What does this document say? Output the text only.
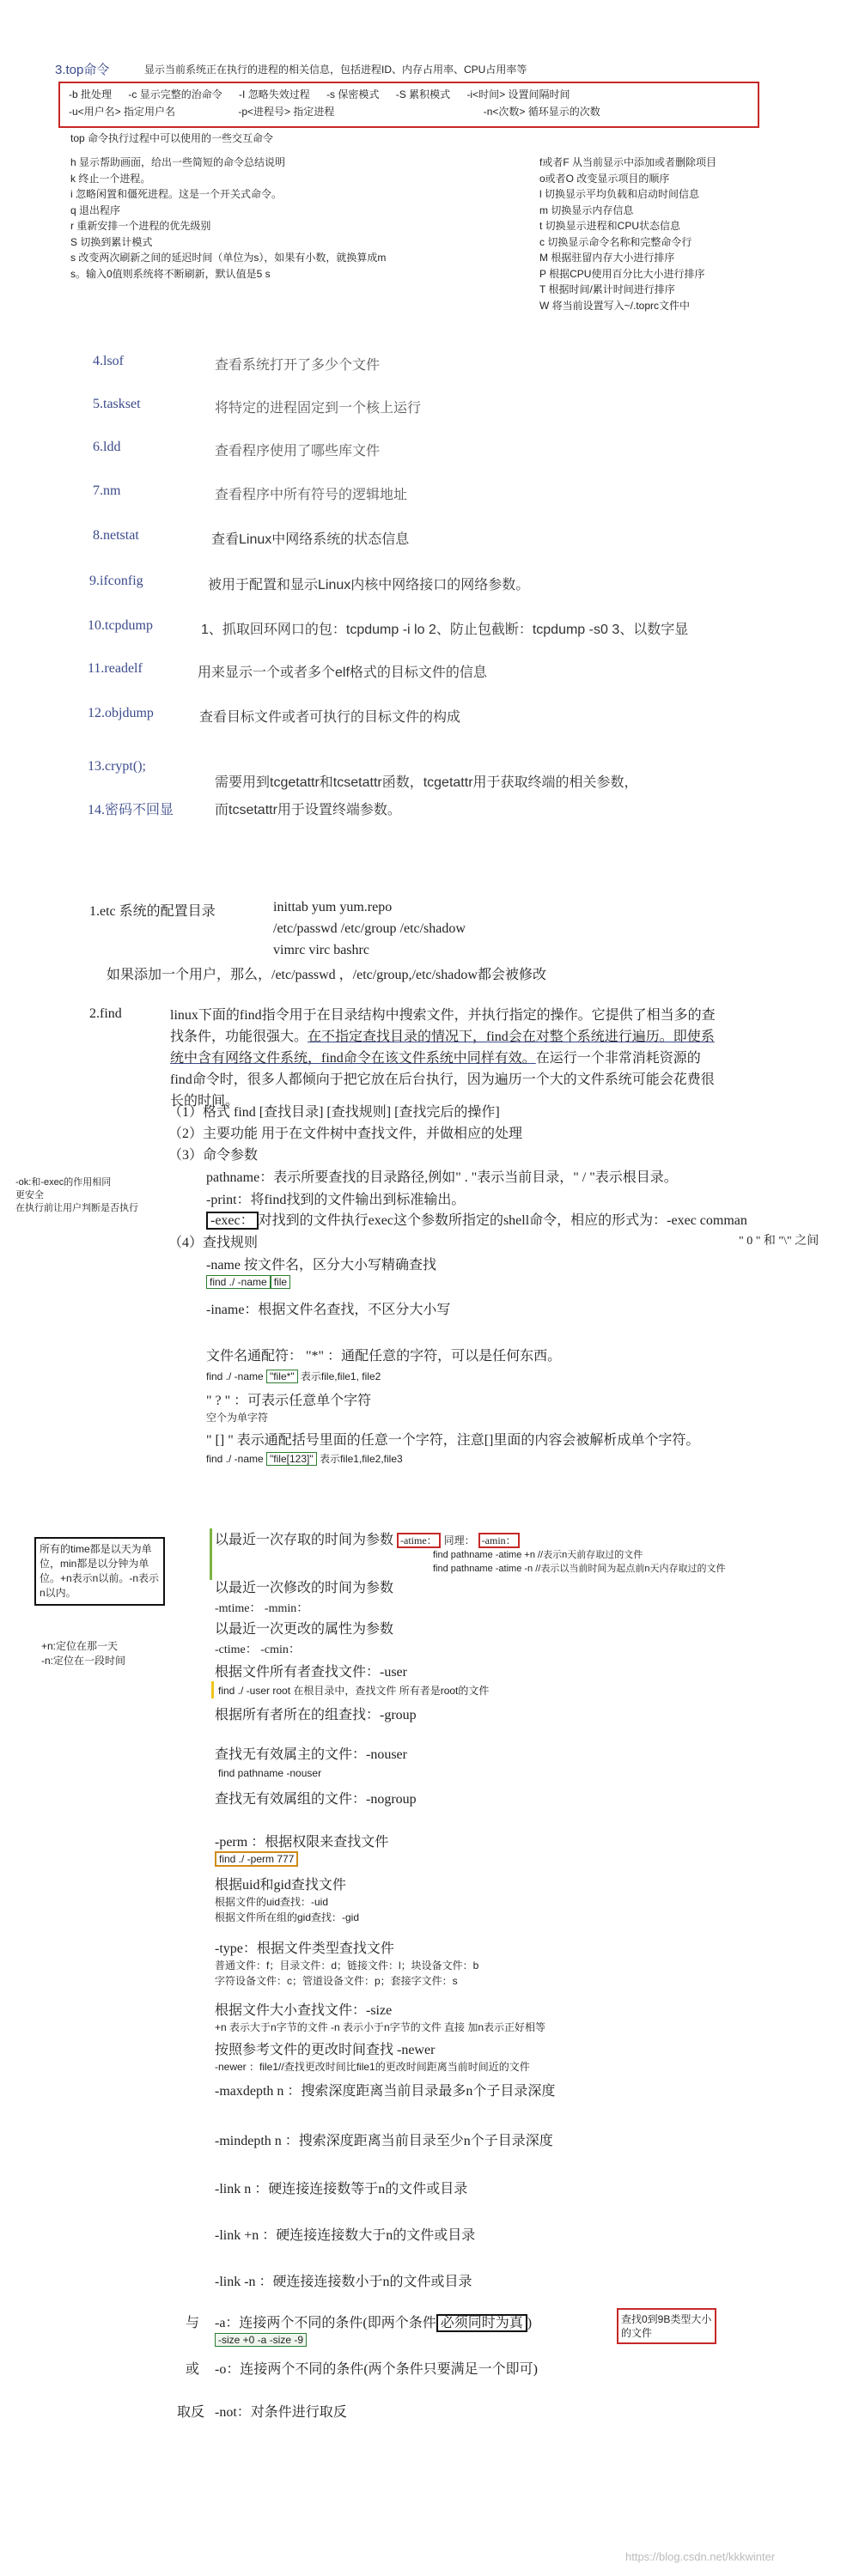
3.top命令	显示当前系统正在执行的进程的相关信息，包括进程ID、内存占用率、CPU占用率等
-b 批处理 -c 显示完整的治命令 -I 忽略失效过程 -s 保密模式 -S 累积模式 -i<时间> 设置间隔时间
-u<用户名> 指定用户名	-p<进程号> 指定进程	-n<次数> 循环显示的次数
top 命令执行过程中可以使用的一些交互命令
h 显示帮助画面，给出一些简短的命令总结说明
k 终止一个进程。
i 忽略闲置和僵死进程。这是一个开关式命令。
q 退出程序
r 重新安排一个进程的优先级别
S 切换到累计模式
s 改变两次刷新之间的延迟时间（单位为s），如果有小数，就换算成m
s。输入0值则系统将不断刷新，默认值是5 s
f或者F 从当前显示中添加或者删除项目
o或者O 改变显示项目的顺序
l 切换显示平均负载和启动时间信息
m 切换显示内存信息
t 切换显示进程和CPU状态信息
c 切换显示命令名称和完整命令行
M 根据驻留内存大小进行排序
P 根据CPU使用百分比大小进行排序
T 根据时间/累计时间进行排序
W 将当前设置写入~/.toprc文件中
4.lsof	查看系统打开了多少个文件
5.taskset	将特定的进程固定到一个核上运行
6.ldd	查看程序使用了哪些库文件
7.nm	查看程序中所有符号的逻辑地址
8.netstat	查看Linux中网络系统的状态信息
9.ifconfig	被用于配置和显示Linux内核中网络接口的网络参数。
10.tcpdump	1、抓取回环网口的包：tcpdump -i lo 2、防止包截断：tcpdump -s0 3、以数字显
11.readelf	用来显示一个或者多个elf格式的目标文件的信息
12.objdump	查看目标文件或者可执行的目标文件的构成
13.crypt();
需要用到tcgetattr和tcsetattr函数，tcgetattr用于获取终端的相关参数，
14.密码不回显	而tcsetattr用于设置终端参数。
1.etc 系统的配置目录	inittab yum yum.repo
/etc/passwd /etc/group /etc/shadow
vimrc virc bashrc
如果添加一个用户，那么，/etc/passwd ，/etc/group,/etc/shadow都会被修改
2.find	linux下面的find指令用于在目录结构中搜索文件，并执行指定的操作。它提供了相当多的查找条件，功能很强大。在不指定查找目录的情况下，find会在对整个系统进行遍历。即使系统中含有网络文件系统，find命令在该文件系统中同样有效。在运行一个非常消耗资源的find命令时，很多人都倾向于把它放在后台执行，因为遍历一个大的文件系统可能会花费很长的时间。
（1）格式 find [查找目录] [查找规则] [查找完后的操作]
（2）主要功能 用于在文件树中查找文件，并做相应的处理
（3）命令参数
pathname：表示所要查找的目录路径,例如" . "表示当前目录，" / "表示根目录。
-print：将find找到的文件输出到标准输出。
-ok:和-exec的作用相同
更安全
在执行前让用户判断是否执行
-exec： 对找到的文件执行exec这个参数所指定的shell命令，相应的形式为：-exec comman
（4）查找规则	" 0 " 和 "\" 之间
-name 按文件名，区分大小写精确查找
find ./ -name file
-iname：根据文件名查找，不区分大小写
文件名通配符： "*" ：通配任意的字符，可以是任何东西。
find ./ -name "file*" 表示file,file1, file2
" ? " ：可表示任意单个字符
空个为单字符
" [] " 表示通配括号里面的任意一个字符，注意[]里面的内容会被解析成单个字符。
find ./ -name "file[123]" 表示file1,file2,file3
所有的time都是以天为单位，min都是以分钟为单位。+n表示n以前。-n表示n以内。
+n:定位在那一天
-n:定位在一段时间
以最近一次存取的时间为参数 -atime： 同理： -amin：
find pathname -atime +n //表示n天前存取过的文件
find pathname -atime -n //表示以当前时间为起点前n天内存取过的文件
以最近一次修改的时间为参数
-mtime： -mmin：
以最近一次更改的属性为参数
-ctime： -cmin：
根据文件所有者查找文件：-user
find ./ -user root 在根目录中，查找文件 所有者是root的文件
根据所有者所在的组查找：-group
查找无有效属主的文件：-nouser
find pathname -nouser
查找无有效属组的文件：-nogroup
-perm ：根据权限来查找文件
find ./ -perm 777
根据uid和gid查找文件
根据文件的uid查找：-uid
根据文件所在组的gid查找：-gid
-type：根据文件类型查找文件
普通文件：f；目录文件：d；链接文件：l；块设备文件：b
字符设备文件：c；管道设备文件：p；套接字文件：s
根据文件大小查找文件：-size
+n 表示大于n字节的文件 -n 表示小于n字节的文件 直接 加n表示正好相等
按照参考文件的更改时间查找 -newer
-newer ：file1//查找更改时间比file1的更改时间距离当前时间近的文件
-maxdepth n ：搜索深度距离当前目录最多n个子目录深度
-mindepth n ：搜索深度距离当前目录至少n个子目录深度
-link n ：硬连接连接数等于n的文件或目录
-link +n ：硬连接连接数大于n的文件或目录
-link -n ：硬连接连接数小于n的文件或目录
与 -a：连接两个不同的条件(即两个条件 必须同时为真 )
-size +0 -a -size -9
查找0到9B类型大小的文件
或 -o：连接两个不同的条件(两个条件只要满足一个即可)
取反 -not：对条件进行取反
https://blog.csdn.net/kkkwinter
